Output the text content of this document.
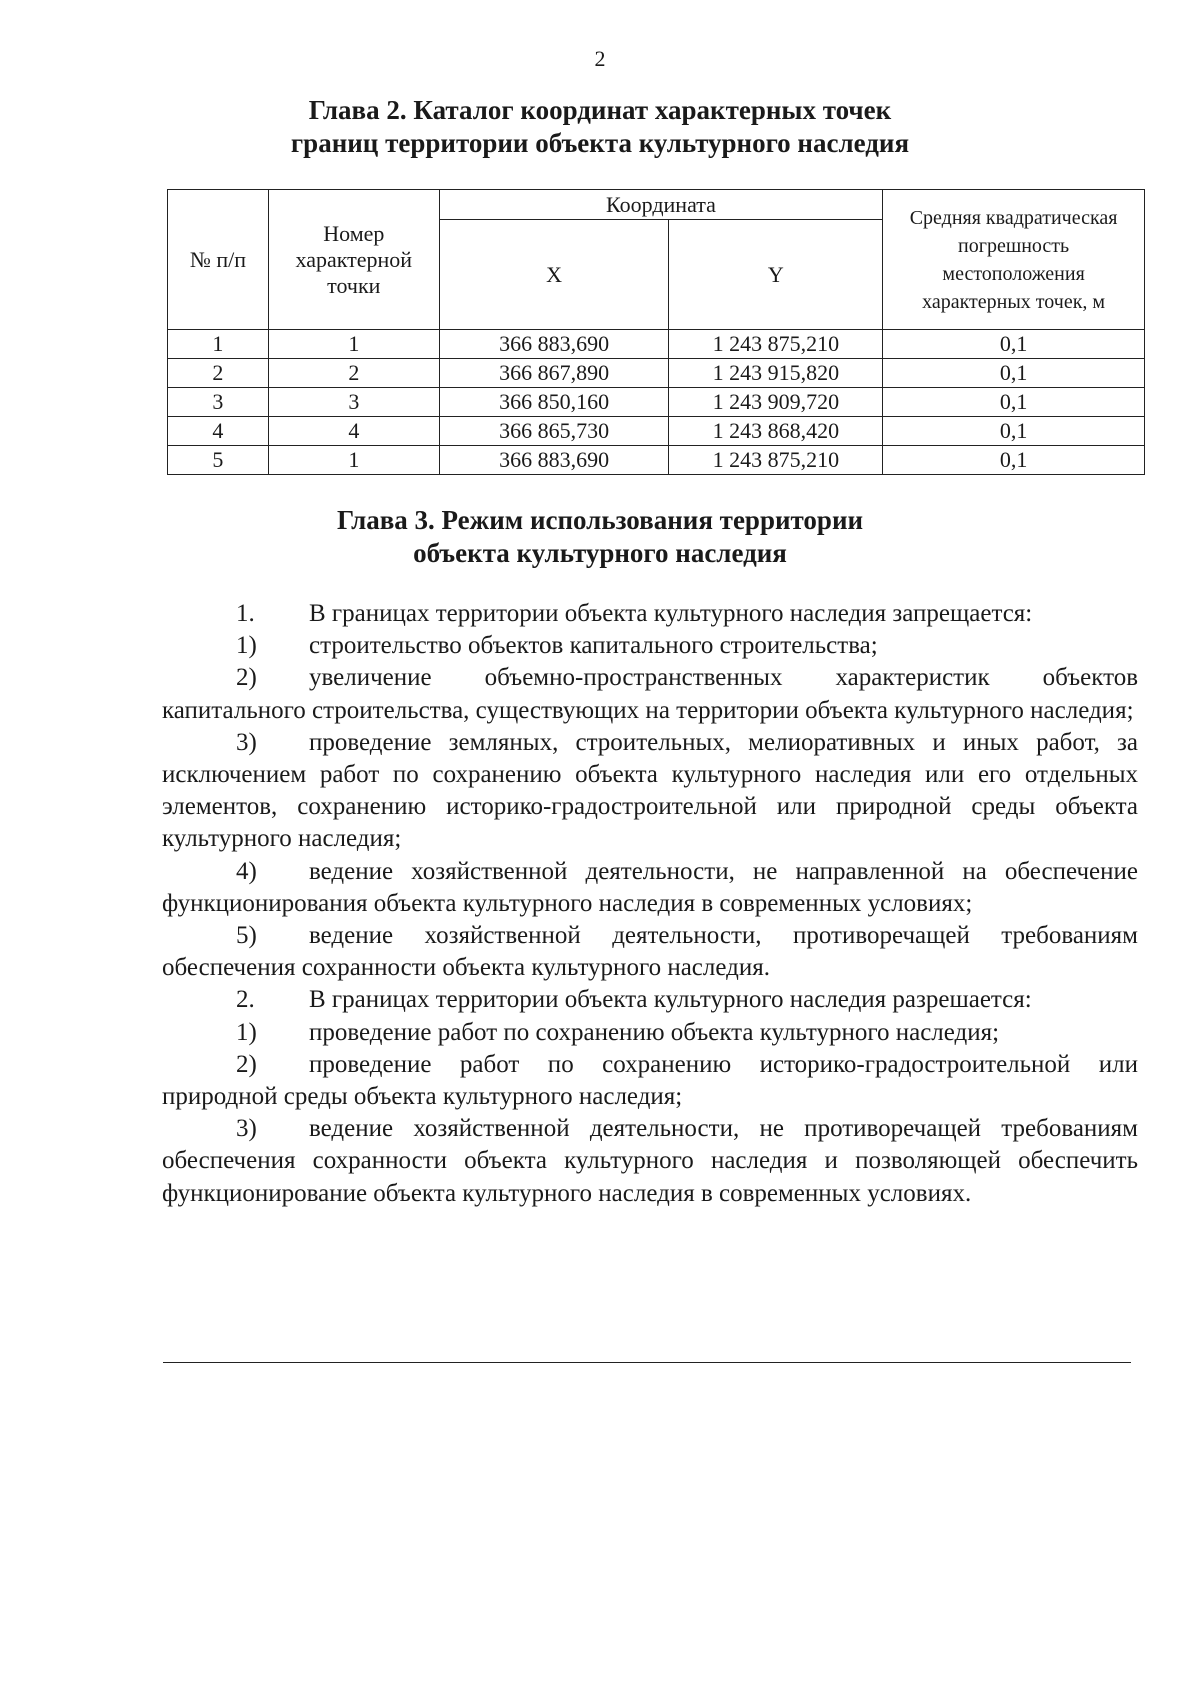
2
Глава 2. Каталог координат характерных точек
границ территории объекта культурного наследия
№ п/п	Номер характерной точки	Координата		Средняя квадратическая погрешность местоположения характерных точек, м
		X	Y	
1	1	366 883,690	1 243 875,210	0,1
2	2	366 867,890	1 243 915,820	0,1
3	3	366 850,160	1 243 909,720	0,1
4	4	366 865,730	1 243 868,420	0,1
5	1	366 883,690	1 243 875,210	0,1
Глава 3. Режим использования территории
объекта культурного наследия

1. В границах территории объекта культурного наследия запрещается:

1) строительство объектов капитального строительства;

2) увеличение объемно-пространственных характеристик объектов капитального строительства, существующих на территории объекта культурного наследия;

3) проведение земляных, строительных, мелиоративных и иных работ, за исключением работ по сохранению объекта культурного наследия или его отдельных элементов, сохранению историко-градостроительной или природной среды объекта культурного наследия;

4) ведение хозяйственной деятельности, не направленной на обеспечение функционирования объекта культурного наследия в современных условиях;

5) ведение хозяйственной деятельности, противоречащей требованиям обеспечения сохранности объекта культурного наследия.

2. В границах территории объекта культурного наследия разрешается:

1) проведение работ по сохранению объекта культурного наследия;

2) проведение работ по сохранению историко-градостроительной или природной среды объекта культурного наследия;

3) ведение хозяйственной деятельности, не противоречащей требованиям обеспечения сохранности объекта культурного наследия и позволяющей обеспечить функционирование объекта культурного наследия в современных условиях.
